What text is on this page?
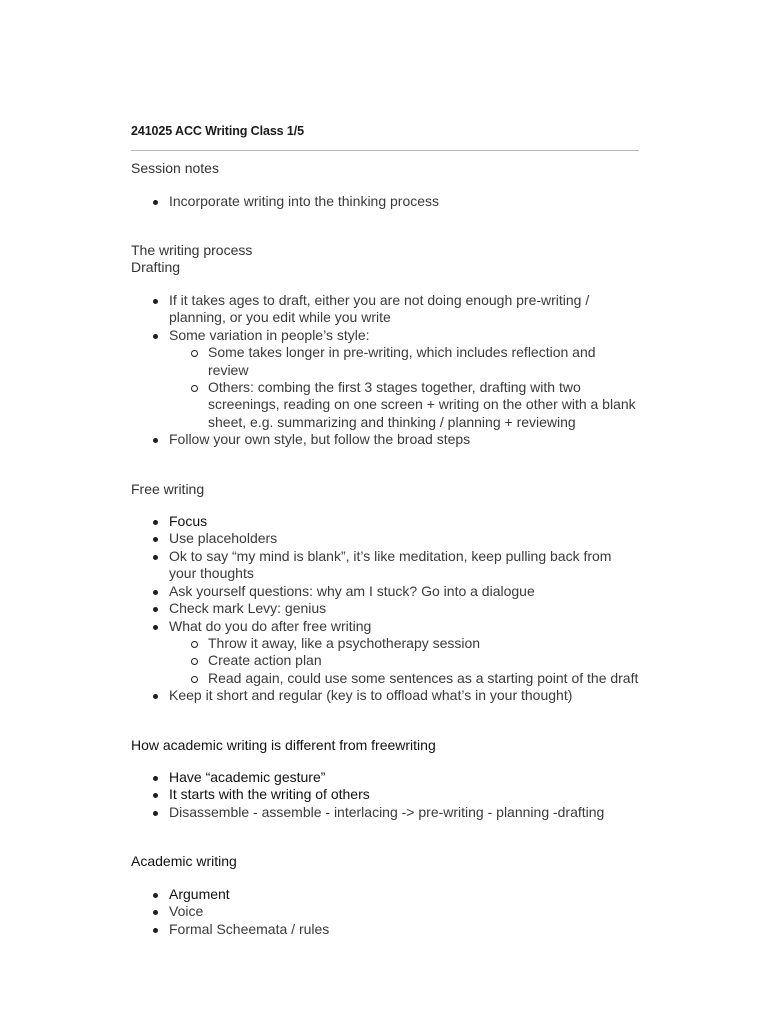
241025 ACC Writing Class 1/5
Session notes
Incorporate writing into the thinking process
The writing process
Drafting
If it takes ages to draft, either you are not doing enough pre-writing / planning, or you edit while you write
Some variation in people’s style:
Some takes longer in pre-writing, which includes reflection and review
Others: combing the first 3 stages together, drafting with two screenings, reading on one screen + writing on the other with a blank sheet, e.g. summarizing and thinking / planning + reviewing
Follow your own style, but follow the broad steps
Free writing
Focus
Use placeholders
Ok to say “my mind is blank”, it’s like meditation, keep pulling back from your thoughts
Ask yourself questions: why am I stuck? Go into a dialogue
Check mark Levy: genius
What do you do after free writing
Throw it away, like a psychotherapy session
Create action plan
Read again, could use some sentences as a starting point of the draft
Keep it short and regular (key is to offload what’s in your thought)
How academic writing is different from freewriting
Have “academic gesture”
It starts with the writing of others
Disassemble - assemble - interlacing -> pre-writing - planning -drafting
Academic writing
Argument
Voice
Formal Scheemata / rules
